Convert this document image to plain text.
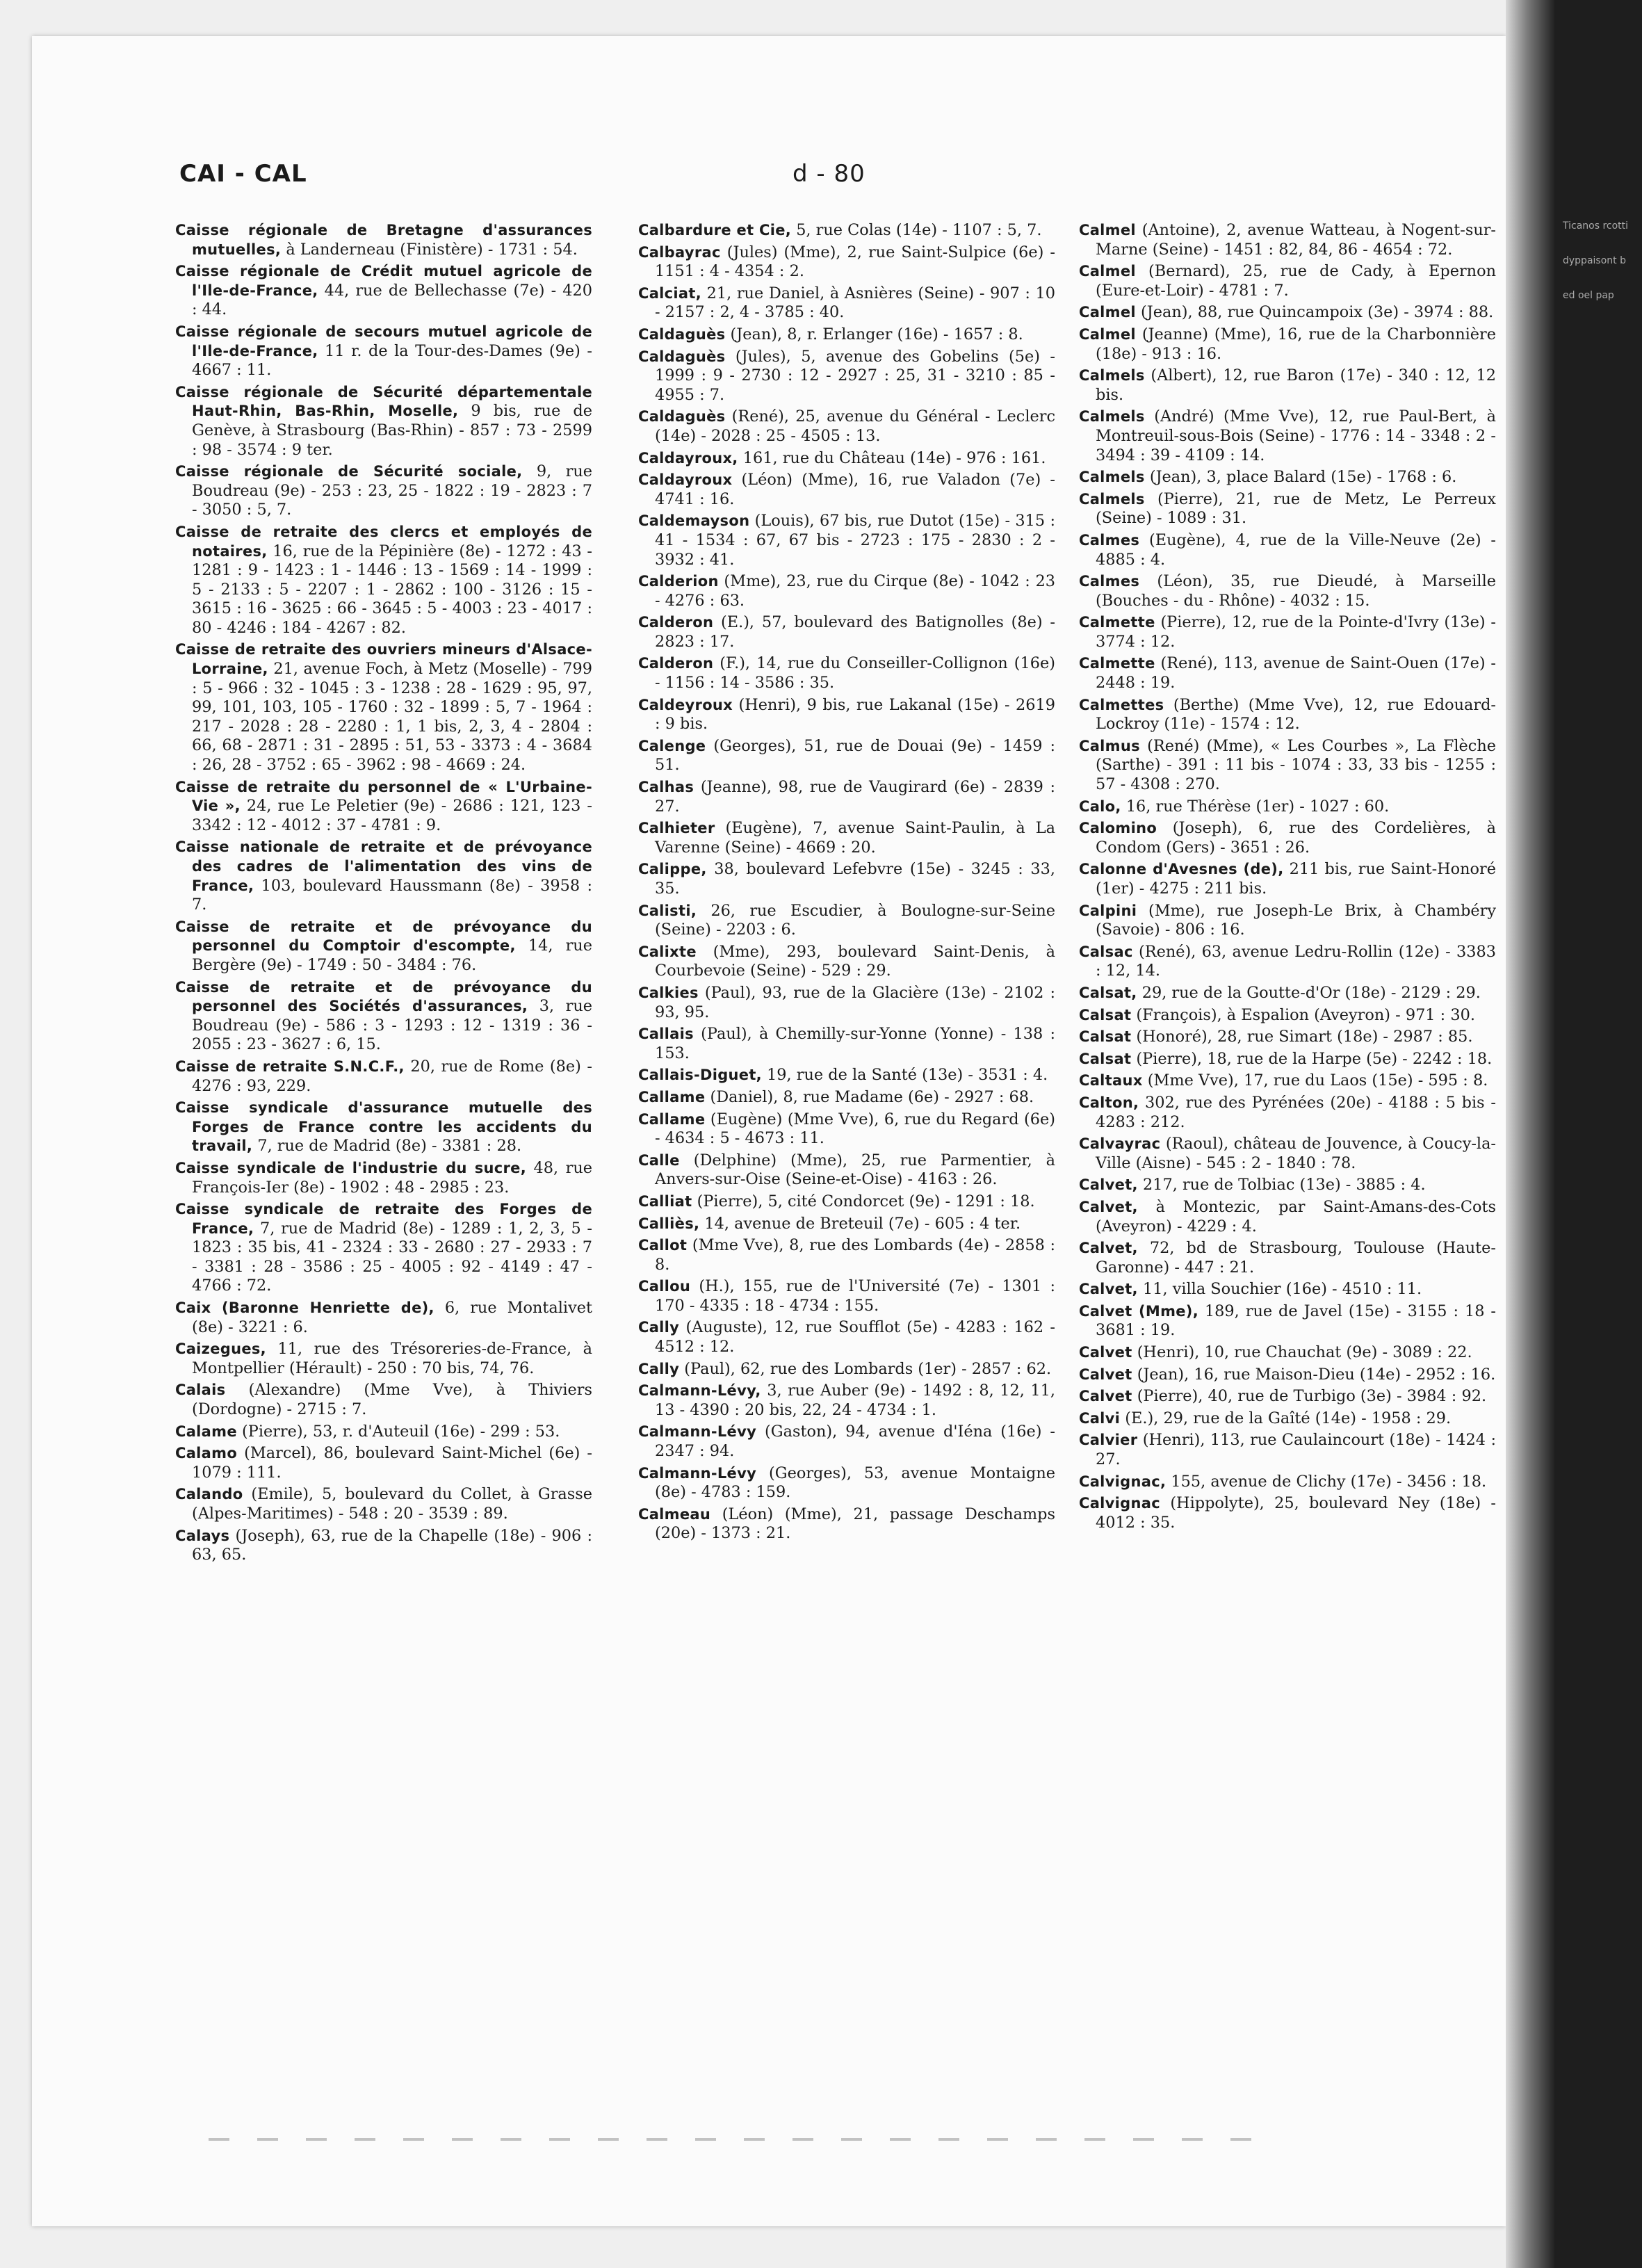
Ticanos rcotti dyppaisont bed oel pap
CAI - CAL	d - 80

Caisse régionale de Bretagne d'assurances mutuelles, à Landerneau (Finistère) - 1731 : 54.

Caisse régionale de Crédit mutuel agricole de l'Ile-de-France, 44, rue de Bellechasse (7e) - 420 : 44.

Caisse régionale de secours mutuel agricole de l'Ile-de-France, 11 r. de la Tour-des-Dames (9e) - 4667 : 11.

Caisse régionale de Sécurité départementale Haut-Rhin, Bas-Rhin, Moselle, 9 bis, rue de Genève, à Strasbourg (Bas-Rhin) - 857 : 73 - 2599 : 98 - 3574 : 9 ter.

Caisse régionale de Sécurité sociale, 9, rue Boudreau (9e) - 253 : 23, 25 - 1822 : 19 - 2823 : 7 - 3050 : 5, 7.

Caisse de retraite des clercs et employés de notaires, 16, rue de la Pépinière (8e) - 1272 : 43 - 1281 : 9 - 1423 : 1 - 1446 : 13 - 1569 : 14 - 1999 : 5 - 2133 : 5 - 2207 : 1 - 2862 : 100 - 3126 : 15 - 3615 : 16 - 3625 : 66 - 3645 : 5 - 4003 : 23 - 4017 : 80 - 4246 : 184 - 4267 : 82.

Caisse de retraite des ouvriers mineurs d'Alsace-Lorraine, 21, avenue Foch, à Metz (Moselle) - 799 : 5 - 966 : 32 - 1045 : 3 - 1238 : 28 - 1629 : 95, 97, 99, 101, 103, 105 - 1760 : 32 - 1899 : 5, 7 - 1964 : 217 - 2028 : 28 - 2280 : 1, 1 bis, 2, 3, 4 - 2804 : 66, 68 - 2871 : 31 - 2895 : 51, 53 - 3373 : 4 - 3684 : 26, 28 - 3752 : 65 - 3962 : 98 - 4669 : 24.

Caisse de retraite du personnel de « L'Urbaine-Vie », 24, rue Le Peletier (9e) - 2686 : 121, 123 - 3342 : 12 - 4012 : 37 - 4781 : 9.

Caisse nationale de retraite et de prévoyance des cadres de l'alimentation des vins de France, 103, boulevard Haussmann (8e) - 3958 : 7.

Caisse de retraite et de prévoyance du personnel du Comptoir d'escompte, 14, rue Bergère (9e) - 1749 : 50 - 3484 : 76.

Caisse de retraite et de prévoyance du personnel des Sociétés d'assurances, 3, rue Boudreau (9e) - 586 : 3 - 1293 : 12 - 1319 : 36 - 2055 : 23 - 3627 : 6, 15.

Caisse de retraite S.N.C.F., 20, rue de Rome (8e) - 4276 : 93, 229.

Caisse syndicale d'assurance mutuelle des Forges de France contre les accidents du travail, 7, rue de Madrid (8e) - 3381 : 28.

Caisse syndicale de l'industrie du sucre, 48, rue François-Ier (8e) - 1902 : 48 - 2985 : 23.

Caisse syndicale de retraite des Forges de France, 7, rue de Madrid (8e) - 1289 : 1, 2, 3, 5 - 1823 : 35 bis, 41 - 2324 : 33 - 2680 : 27 - 2933 : 7 - 3381 : 28 - 3586 : 25 - 4005 : 92 - 4149 : 47 - 4766 : 72.

Caix (Baronne Henriette de), 6, rue Montalivet (8e) - 3221 : 6.

Caizegues, 11, rue des Trésoreries-de-France, à Montpellier (Hérault) - 250 : 70 bis, 74, 76.

Calais (Alexandre) (Mme Vve), à Thiviers (Dordogne) - 2715 : 7.

Calame (Pierre), 53, r. d'Auteuil (16e) - 299 : 53.

Calamo (Marcel), 86, boulevard Saint-Michel (6e) - 1079 : 111.

Calando (Emile), 5, boulevard du Collet, à Grasse (Alpes-Maritimes) - 548 : 20 - 3539 : 89.

Calays (Joseph), 63, rue de la Chapelle (18e) - 906 : 63, 65.

Calbardure et Cie, 5, rue Colas (14e) - 1107 : 5, 7.

Calbayrac (Jules) (Mme), 2, rue Saint-Sulpice (6e) - 1151 : 4 - 4354 : 2.

Calciat, 21, rue Daniel, à Asnières (Seine) - 907 : 10 - 2157 : 2, 4 - 3785 : 40.

Caldaguès (Jean), 8, r. Erlanger (16e) - 1657 : 8.

Caldaguès (Jules), 5, avenue des Gobelins (5e) - 1999 : 9 - 2730 : 12 - 2927 : 25, 31 - 3210 : 85 - 4955 : 7.

Caldaguès (René), 25, avenue du Général - Leclerc (14e) - 2028 : 25 - 4505 : 13.

Caldayroux, 161, rue du Château (14e) - 976 : 161.

Caldayroux (Léon) (Mme), 16, rue Valadon (7e) - 4741 : 16.

Caldemayson (Louis), 67 bis, rue Dutot (15e) - 315 : 41 - 1534 : 67, 67 bis - 2723 : 175 - 2830 : 2 - 3932 : 41.

Calderion (Mme), 23, rue du Cirque (8e) - 1042 : 23 - 4276 : 63.

Calderon (E.), 57, boulevard des Batignolles (8e) - 2823 : 17.

Calderon (F.), 14, rue du Conseiller-Collignon (16e) - 1156 : 14 - 3586 : 35.

Caldeyroux (Henri), 9 bis, rue Lakanal (15e) - 2619 : 9 bis.

Calenge (Georges), 51, rue de Douai (9e) - 1459 : 51.

Calhas (Jeanne), 98, rue de Vaugirard (6e) - 2839 : 27.

Calhieter (Eugène), 7, avenue Saint-Paulin, à La Varenne (Seine) - 4669 : 20.

Calippe, 38, boulevard Lefebvre (15e) - 3245 : 33, 35.

Calisti, 26, rue Escudier, à Boulogne-sur-Seine (Seine) - 2203 : 6.

Calixte (Mme), 293, boulevard Saint-Denis, à Courbevoie (Seine) - 529 : 29.

Calkies (Paul), 93, rue de la Glacière (13e) - 2102 : 93, 95.

Callais (Paul), à Chemilly-sur-Yonne (Yonne) - 138 : 153.

Callais-Diguet, 19, rue de la Santé (13e) - 3531 : 4.

Callame (Daniel), 8, rue Madame (6e) - 2927 : 68.

Callame (Eugène) (Mme Vve), 6, rue du Regard (6e) - 4634 : 5 - 4673 : 11.

Calle (Delphine) (Mme), 25, rue Parmentier, à Anvers-sur-Oise (Seine-et-Oise) - 4163 : 26.

Calliat (Pierre), 5, cité Condorcet (9e) - 1291 : 18.

Calliès, 14, avenue de Breteuil (7e) - 605 : 4 ter.

Callot (Mme Vve), 8, rue des Lombards (4e) - 2858 : 8.

Callou (H.), 155, rue de l'Université (7e) - 1301 : 170 - 4335 : 18 - 4734 : 155.

Cally (Auguste), 12, rue Soufflot (5e) - 4283 : 162 - 4512 : 12.

Cally (Paul), 62, rue des Lombards (1er) - 2857 : 62.

Calmann-Lévy, 3, rue Auber (9e) - 1492 : 8, 12, 11, 13 - 4390 : 20 bis, 22, 24 - 4734 : 1.

Calmann-Lévy (Gaston), 94, avenue d'Iéna (16e) - 2347 : 94.

Calmann-Lévy (Georges), 53, avenue Montaigne (8e) - 4783 : 159.

Calmeau (Léon) (Mme), 21, passage Deschamps (20e) - 1373 : 21.

Calmel (Antoine), 2, avenue Watteau, à Nogent-sur-Marne (Seine) - 1451 : 82, 84, 86 - 4654 : 72.

Calmel (Bernard), 25, rue de Cady, à Epernon (Eure-et-Loir) - 4781 : 7.

Calmel (Jean), 88, rue Quincampoix (3e) - 3974 : 88.

Calmel (Jeanne) (Mme), 16, rue de la Charbonnière (18e) - 913 : 16.

Calmels (Albert), 12, rue Baron (17e) - 340 : 12, 12 bis.

Calmels (André) (Mme Vve), 12, rue Paul-Bert, à Montreuil-sous-Bois (Seine) - 1776 : 14 - 3348 : 2 - 3494 : 39 - 4109 : 14.

Calmels (Jean), 3, place Balard (15e) - 1768 : 6.

Calmels (Pierre), 21, rue de Metz, Le Perreux (Seine) - 1089 : 31.

Calmes (Eugène), 4, rue de la Ville-Neuve (2e) - 4885 : 4.

Calmes (Léon), 35, rue Dieudé, à Marseille (Bouches - du - Rhône) - 4032 : 15.

Calmette (Pierre), 12, rue de la Pointe-d'Ivry (13e) - 3774 : 12.

Calmette (René), 113, avenue de Saint-Ouen (17e) - 2448 : 19.

Calmettes (Berthe) (Mme Vve), 12, rue Edouard-Lockroy (11e) - 1574 : 12.

Calmus (René) (Mme), « Les Courbes », La Flèche (Sarthe) - 391 : 11 bis - 1074 : 33, 33 bis - 1255 : 57 - 4308 : 270.

Calo, 16, rue Thérèse (1er) - 1027 : 60.

Calomino (Joseph), 6, rue des Cordelières, à Condom (Gers) - 3651 : 26.

Calonne d'Avesnes (de), 211 bis, rue Saint-Honoré (1er) - 4275 : 211 bis.

Calpini (Mme), rue Joseph-Le Brix, à Chambéry (Savoie) - 806 : 16.

Calsac (René), 63, avenue Ledru-Rollin (12e) - 3383 : 12, 14.

Calsat, 29, rue de la Goutte-d'Or (18e) - 2129 : 29.

Calsat (François), à Espalion (Aveyron) - 971 : 30.

Calsat (Honoré), 28, rue Simart (18e) - 2987 : 85.

Calsat (Pierre), 18, rue de la Harpe (5e) - 2242 : 18.

Caltaux (Mme Vve), 17, rue du Laos (15e) - 595 : 8.

Calton, 302, rue des Pyrénées (20e) - 4188 : 5 bis - 4283 : 212.

Calvayrac (Raoul), château de Jouvence, à Coucy-la-Ville (Aisne) - 545 : 2 - 1840 : 78.

Calvet, 217, rue de Tolbiac (13e) - 3885 : 4.

Calvet, à Montezic, par Saint-Amans-des-Cots (Aveyron) - 4229 : 4.

Calvet, 72, bd de Strasbourg, Toulouse (Haute-Garonne) - 447 : 21.

Calvet, 11, villa Souchier (16e) - 4510 : 11.

Calvet (Mme), 189, rue de Javel (15e) - 3155 : 18 - 3681 : 19.

Calvet (Henri), 10, rue Chauchat (9e) - 3089 : 22.

Calvet (Jean), 16, rue Maison-Dieu (14e) - 2952 : 16.

Calvet (Pierre), 40, rue de Turbigo (3e) - 3984 : 92.

Calvi (E.), 29, rue de la Gaîté (14e) - 1958 : 29.

Calvier (Henri), 113, rue Caulaincourt (18e) - 1424 : 27.

Calvignac, 155, avenue de Clichy (17e) - 3456 : 18.

Calvignac (Hippolyte), 25, boulevard Ney (18e) - 4012 : 35.
